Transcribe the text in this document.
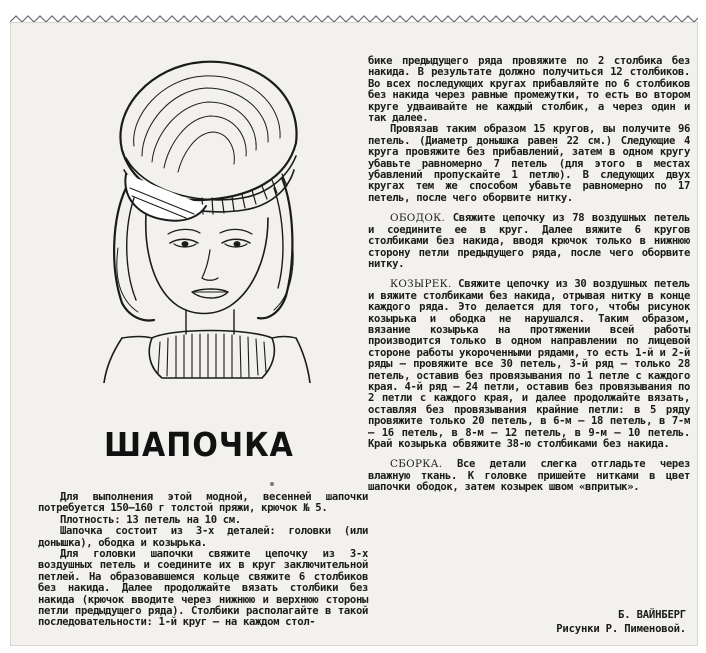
ШАПОЧКА

Для выполнения этой модной, весенней шапочки потребуется 150—160 г толстой пряжи, крючок № 5.

Плотность: 13 петель на 10 см.

Шапочка состоит из 3-х деталей: головки (или донышка), ободка и козырька.

Для головки шапочки свяжите цепочку из 3-х воздушных петель и соедините их в круг заключительной петлей. На образовавшемся кольце свяжите 6 столбиков без накида. Далее продолжайте вязать столбики без накида (крючок вводите через нижнюю и верхнюю стороны петли предыдущего ряда). Столбики располагайте в такой последовательности: 1-й круг — на каждом стол-

бике предыдущего ряда провяжите по 2 столбика без накида. В результате должно получиться 12 столбиков. Во всех последующих кругах прибавляйте по 6 столбиков без накида через равные промежутки, то есть во втором круге удваивайте не каждый столбик, а через один и так далее.

Провязав таким образом 15 кругов, вы получите 96 петель. (Диаметр донышка равен 22 см.) Следующие 4 круга провяжите без прибавлений, затем в одном кругу убавьте равномерно 7 петель (для этого в местах убавлений пропускайте 1 петлю). В следующих двух кругах тем же способом убавьте равномерно по 17 петель, после чего оборвите нитку.

ОБОДОК. Свяжите цепочку из 78 воздушных петель и соедините ее в круг. Далее вяжите 6 кругов столбиками без накида, вводя крючок только в нижнюю сторону петли предыдущего ряда, после чего оборвите нитку.

КОЗЫРЕК. Свяжите цепочку из 30 воздушных петель и вяжите столбиками без накида, отрывая нитку в конце каждого ряда. Это делается для того, чтобы рисунок козырька и ободка не нарушался. Таким образом, вязание козырька на протяжении всей работы производится только в одном направлении по лицевой стороне работы укороченными рядами, то есть 1-й и 2-й ряды — провяжите все 30 петель, 3-й ряд — только 28 петель, оставив без провязывания по 1 петле с каждого края. 4-й ряд — 24 петли, оставив без провязывания по 2 петли с каждого края, и далее продолжайте вязать, оставляя без провязывания крайние петли: в 5 ряду провяжите только 20 петель, в 6-м — 18 петель, в 7-м — 16 петель, в 8-м — 12 петель, в 9-м — 10 петель. Край козырька обвяжите 38-ю столбиками без накида.

СБОРКА. Все детали слегка отгладьте через влажную ткань. К головке пришейте нитками в цвет шапочки ободок, затем козырек швом «впритык».

Б. ВАЙНБЕРГ
Рисунки Р. Пименовой.
